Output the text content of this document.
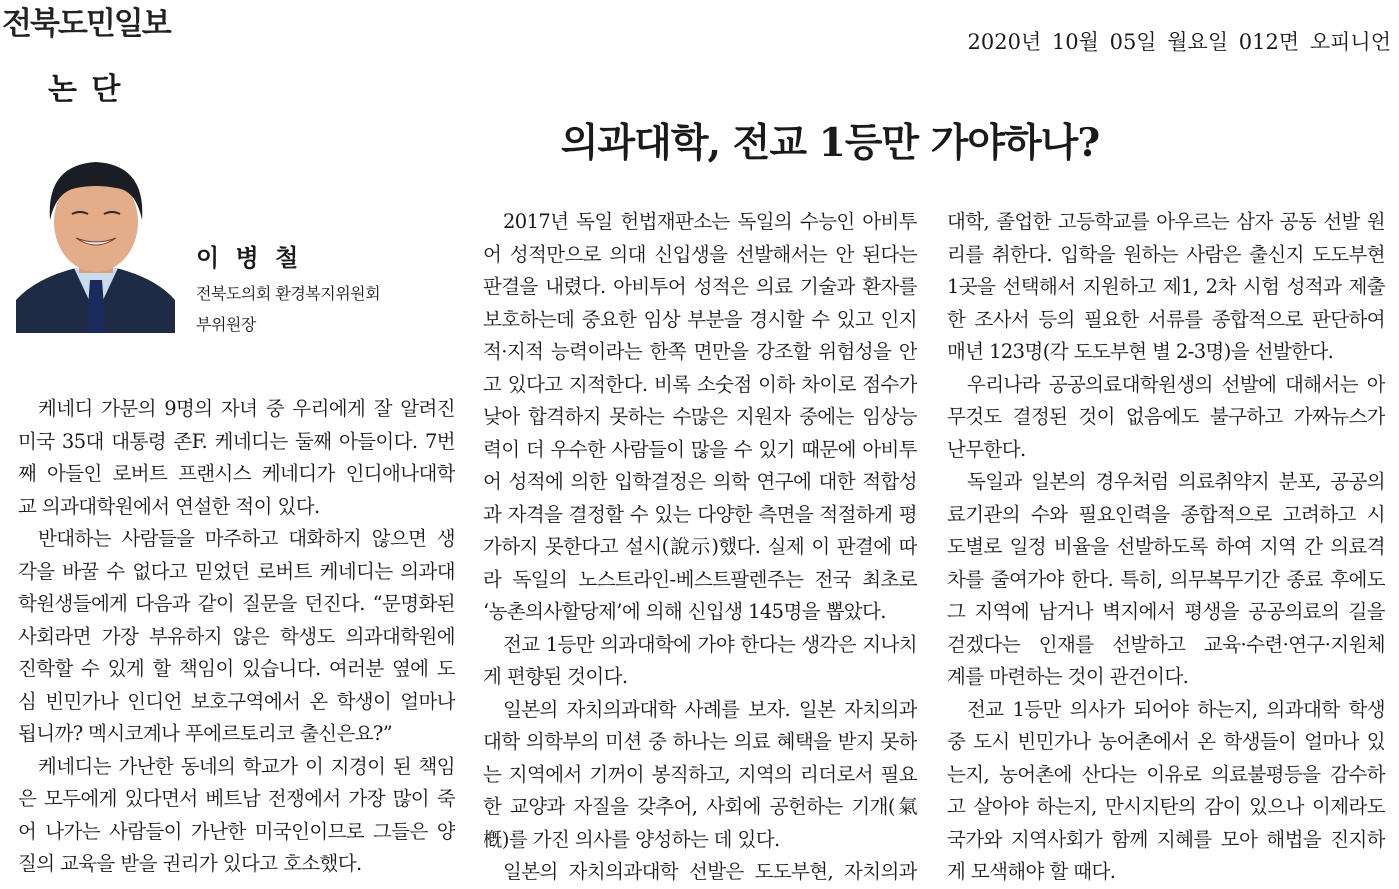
전북도민일보	2020년 10월 05일 월요일 012면 오피니언
논 단
의과대학, 전교 1등만 가야하나?
이 병 철
전북도의회 환경복지위원회
부위원장
케네디 가문의 9명의 자녀 중 우리에게 잘 알려진
미국 35대 대통령 존F. 케네디는 둘째 아들이다. 7번
째 아들인 로버트 프랜시스 케네디가 인디애나대학
교 의과대학원에서 연설한 적이 있다.
반대하는 사람들을 마주하고 대화하지 않으면 생
각을 바꿀 수 없다고 믿었던 로버트 케네디는 의과대
학원생들에게 다음과 같이 질문을 던진다. “문명화된
사회라면 가장 부유하지 않은 학생도 의과대학원에
진학할 수 있게 할 책임이 있습니다. 여러분 옆에 도
심 빈민가나 인디언 보호구역에서 온 학생이 얼마나
됩니까? 멕시코계나 푸에르토리코 출신은요?”
케네디는 가난한 동네의 학교가 이 지경이 된 책임
은 모두에게 있다면서 베트남 전쟁에서 가장 많이 죽
어 나가는 사람들이 가난한 미국인이므로 그들은 양
질의 교육을 받을 권리가 있다고 호소했다.
2017년 독일 헌법재판소는 독일의 수능인 아비투
어 성적만으로 의대 신입생을 선발해서는 안 된다는
판결을 내렸다. 아비투어 성적은 의료 기술과 환자를
보호하는데 중요한 임상 부분을 경시할 수 있고 인지
적·지적 능력이라는 한쪽 면만을 강조할 위험성을 안
고 있다고 지적한다. 비록 소숫점 이하 차이로 점수가
낮아 합격하지 못하는 수많은 지원자 중에는 임상능
력이 더 우수한 사람들이 많을 수 있기 때문에 아비투
어 성적에 의한 입학결정은 의학 연구에 대한 적합성
과 자격을 결정할 수 있는 다양한 측면을 적절하게 평
가하지 못한다고 설시(說示)했다. 실제 이 판결에 따
라 독일의 노스트라인-베스트팔렌주는 전국 최초로
‘농촌의사할당제’에 의해 신입생 145명을 뽑았다.
전교 1등만 의과대학에 가야 한다는 생각은 지나치
게 편향된 것이다.
일본의 자치의과대학 사례를 보자. 일본 자치의과
대학 의학부의 미션 중 하나는 의료 혜택을 받지 못하
는 지역에서 기꺼이 봉직하고, 지역의 리더로서 필요
한 교양과 자질을 갖추어, 사회에 공헌하는 기개(氣
槪)를 가진 의사를 양성하는 데 있다.
일본의 자치의과대학 선발은 도도부현, 자치의과
대학, 졸업한 고등학교를 아우르는 삼자 공동 선발 원
리를 취한다. 입학을 원하는 사람은 출신지 도도부현
1곳을 선택해서 지원하고 제1, 2차 시험 성적과 제출
한 조사서 등의 필요한 서류를 종합적으로 판단하여
매년 123명(각 도도부현 별 2-3명)을 선발한다.
우리나라 공공의료대학원생의 선발에 대해서는 아
무것도 결정된 것이 없음에도 불구하고 가짜뉴스가
난무한다.
독일과 일본의 경우처럼 의료취약지 분포, 공공의
료기관의 수와 필요인력을 종합적으로 고려하고 시
도별로 일정 비율을 선발하도록 하여 지역 간 의료격
차를 줄여가야 한다. 특히, 의무복무기간 종료 후에도
그 지역에 남거나 벽지에서 평생을 공공의료의 길을
걷겠다는 인재를 선발하고 교육·수련·연구·지원체
계를 마련하는 것이 관건이다.
전교 1등만 의사가 되어야 하는지, 의과대학 학생
중 도시 빈민가나 농어촌에서 온 학생들이 얼마나 있
는지, 농어촌에 산다는 이유로 의료불평등을 감수하
고 살아야 하는지, 만시지탄의 감이 있으나 이제라도
국가와 지역사회가 함께 지혜를 모아 해법을 진지하
게 모색해야 할 때다.
